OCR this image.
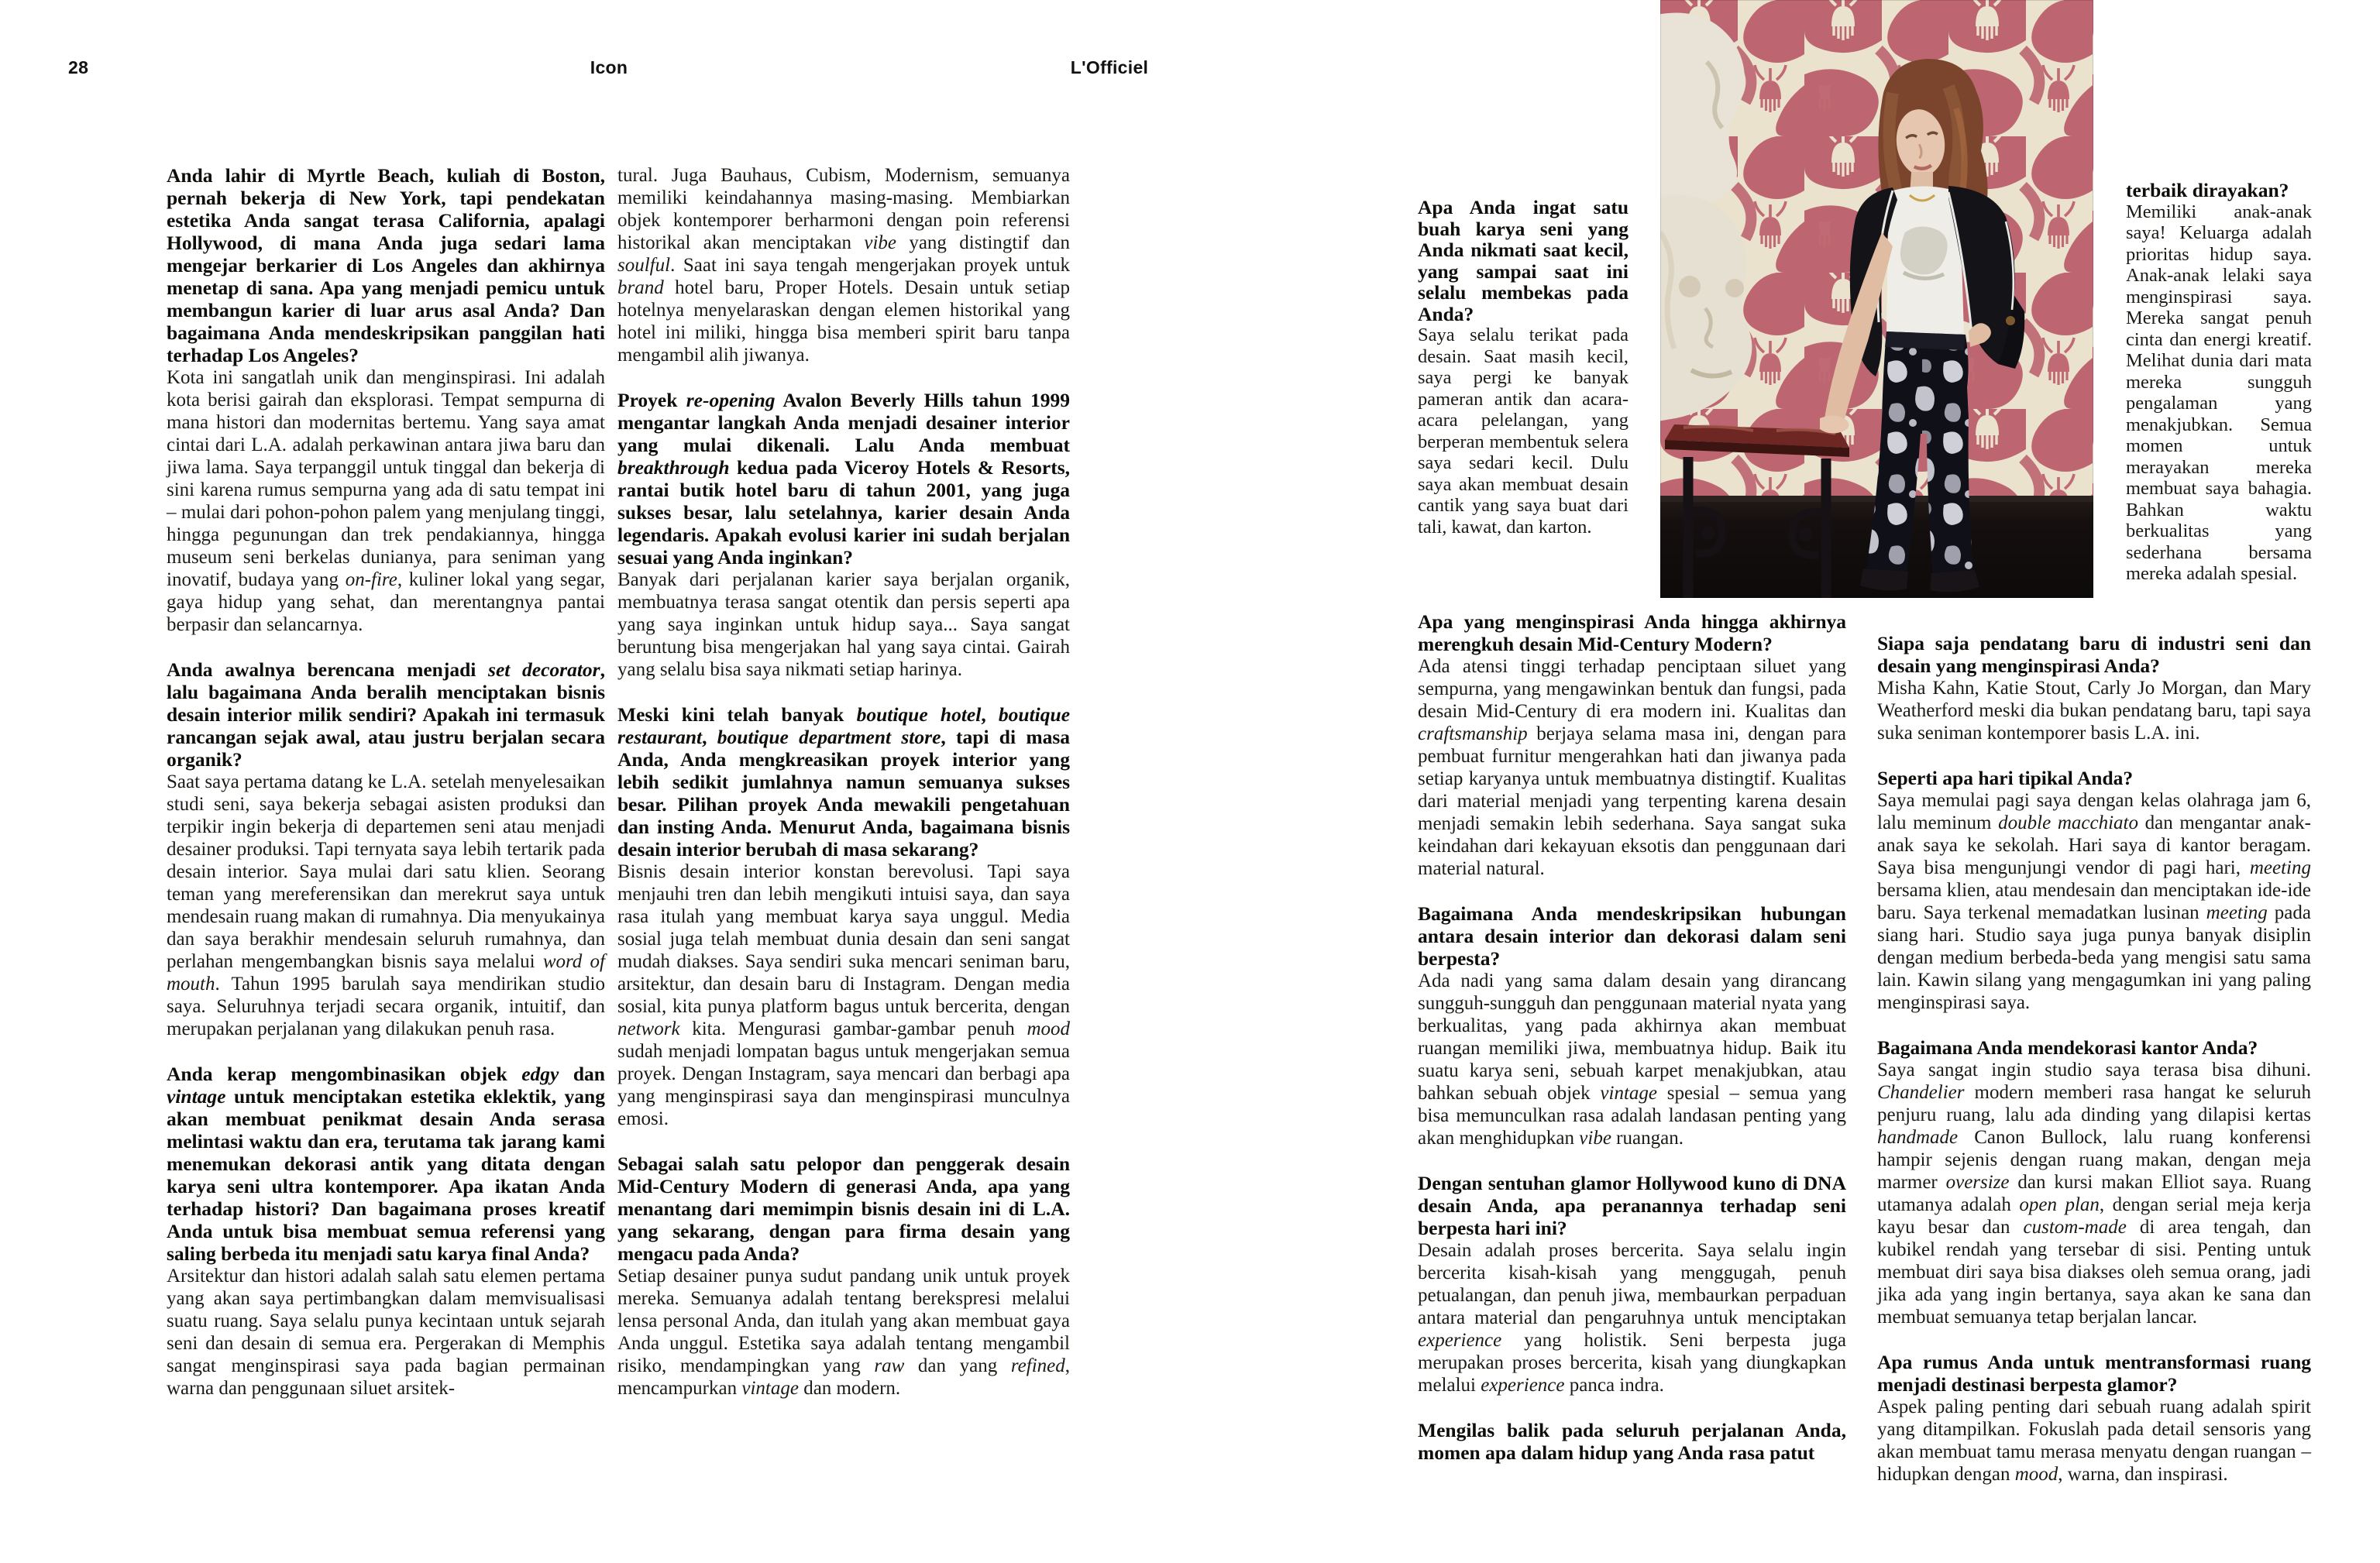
28	Icon	L'Officiel

Anda lahir di Myrtle Beach, kuliah di Boston, pernah bekerja di New York, tapi pendekatan estetika Anda sangat terasa California, apalagi Hollywood, di mana Anda juga sedari lama mengejar berkarier di Los Angeles dan akhirnya menetap di sana. Apa yang menjadi pemicu untuk membangun karier di luar arus asal Anda? Dan bagaimana Anda mendeskripsikan panggilan hati terhadap Los Angeles?

Kota ini sangatlah unik dan menginspirasi. Ini adalah kota berisi gairah dan eksplorasi. Tempat sempurna di mana histori dan modernitas bertemu. Yang saya amat cintai dari L.A. adalah perkawinan antara jiwa baru dan jiwa lama. Saya terpanggil untuk tinggal dan bekerja di sini karena rumus sempurna yang ada di satu tempat ini – mulai dari pohon-pohon palem yang menjulang tinggi, hingga pegunungan dan trek pendakiannya, hingga museum seni berkelas dunianya, para seniman yang inovatif, budaya yang on-fire, kuliner lokal yang segar, gaya hidup yang sehat, dan merentangnya pantai berpasir dan selancarnya.

Anda awalnya berencana menjadi set decorator, lalu bagaimana Anda beralih menciptakan bisnis desain interior milik sendiri? Apakah ini termasuk rancangan sejak awal, atau justru berjalan secara organik?

Saat saya pertama datang ke L.A. setelah menyelesaikan studi seni, saya bekerja sebagai asisten produksi dan terpikir ingin bekerja di departemen seni atau menjadi desainer produksi. Tapi ternyata saya lebih tertarik pada desain interior. Saya mulai dari satu klien. Seorang teman yang mereferensikan dan merekrut saya untuk mendesain ruang makan di rumahnya. Dia menyukainya dan saya berakhir mendesain seluruh rumahnya, dan perlahan mengembangkan bisnis saya melalui word of mouth. Tahun 1995 barulah saya mendirikan studio saya. Seluruhnya terjadi secara organik, intuitif, dan merupakan perjalanan yang dilakukan penuh rasa.

Anda kerap mengombinasikan objek edgy dan vintage untuk menciptakan estetika eklektik, yang akan membuat penikmat desain Anda serasa melintasi waktu dan era, terutama tak jarang kami menemukan dekorasi antik yang ditata dengan karya seni ultra kontemporer. Apa ikatan Anda terhadap histori? Dan bagaimana proses kreatif Anda untuk bisa membuat semua referensi yang saling berbeda itu menjadi satu karya final Anda?

Arsitektur dan histori adalah salah satu elemen pertama yang akan saya pertimbangkan dalam memvisualisasi suatu ruang. Saya selalu punya kecintaan untuk sejarah seni dan desain di semua era. Pergerakan di Memphis sangat menginspirasi saya pada bagian permainan warna dan penggunaan siluet arsitek-

tural. Juga Bauhaus, Cubism, Modernism, semuanya memiliki keindahannya masing-masing. Membiarkan objek kontemporer berharmoni dengan poin referensi historikal akan menciptakan vibe yang distingtif dan soulful. Saat ini saya tengah mengerjakan proyek untuk brand hotel baru, Proper Hotels. Desain untuk setiap hotelnya menyelaraskan dengan elemen historikal yang hotel ini miliki, hingga bisa memberi spirit baru tanpa mengambil alih jiwanya.

Proyek re-opening Avalon Beverly Hills tahun 1999 mengantar langkah Anda menjadi desainer interior yang mulai dikenali. Lalu Anda membuat breakthrough kedua pada Viceroy Hotels & Resorts, rantai butik hotel baru di tahun 2001, yang juga sukses besar, lalu setelahnya, karier desain Anda legendaris. Apakah evolusi karier ini sudah berjalan sesuai yang Anda inginkan?

Banyak dari perjalanan karier saya berjalan organik, membuatnya terasa sangat otentik dan persis seperti apa yang saya inginkan untuk hidup saya... Saya sangat beruntung bisa mengerjakan hal yang saya cintai. Gairah yang selalu bisa saya nikmati setiap harinya.

Meski kini telah banyak boutique hotel, boutique restaurant, boutique department store, tapi di masa Anda, Anda mengkreasikan proyek interior yang lebih sedikit jumlahnya namun semuanya sukses besar. Pilihan proyek Anda mewakili pengetahuan dan insting Anda. Menurut Anda, bagaimana bisnis desain interior berubah di masa sekarang?

Bisnis desain interior konstan berevolusi. Tapi saya menjauhi tren dan lebih mengikuti intuisi saya, dan saya rasa itulah yang membuat karya saya unggul. Media sosial juga telah membuat dunia desain dan seni sangat mudah diakses. Saya sendiri suka mencari seniman baru, arsitektur, dan desain baru di Instagram. Dengan media sosial, kita punya platform bagus untuk bercerita, dengan network kita. Mengurasi gambar-gambar penuh mood sudah menjadi lompatan bagus untuk mengerjakan semua proyek. Dengan Instagram, saya mencari dan berbagi apa yang menginspirasi saya dan menginspirasi munculnya emosi.

Sebagai salah satu pelopor dan penggerak desain Mid-Century Modern di generasi Anda, apa yang menantang dari memimpin bisnis desain ini di L.A. yang sekarang, dengan para firma desain yang mengacu pada Anda?

Setiap desainer punya sudut pandang unik untuk proyek mereka. Semuanya adalah tentang berekspresi melalui lensa personal Anda, dan itulah yang akan membuat gaya Anda unggul. Estetika saya adalah tentang mengambil risiko, mendampingkan yang raw dan yang refined, mencampurkan vintage dan modern.

Apa Anda ingat satu buah karya seni yang Anda nikmati saat kecil, yang sampai saat ini selalu membekas pada Anda?

Saya selalu terikat pada desain. Saat masih kecil, saya pergi ke banyak pameran antik dan acara-acara pelelangan, yang berperan membentuk selera saya sedari kecil. Dulu saya akan membuat desain cantik yang saya buat dari tali, kawat, dan karton.

Apa yang menginspirasi Anda hingga akhirnya merengkuh desain Mid-Century Modern?

Ada atensi tinggi terhadap penciptaan siluet yang sempurna, yang mengawinkan bentuk dan fungsi, pada desain Mid-Century di era modern ini. Kualitas dan craftsmanship berjaya selama masa ini, dengan para pembuat furnitur mengerahkan hati dan jiwanya pada setiap karyanya untuk membuatnya distingtif. Kualitas dari material menjadi yang terpenting karena desain menjadi semakin lebih sederhana. Saya sangat suka keindahan dari kekayuan eksotis dan penggunaan dari material natural.

Bagaimana Anda mendeskripsikan hubungan antara desain interior dan dekorasi dalam seni berpesta?

Ada nadi yang sama dalam desain yang dirancang sungguh-sungguh dan penggunaan material nyata yang berkualitas, yang pada akhirnya akan membuat ruangan memiliki jiwa, membuatnya hidup. Baik itu suatu karya seni, sebuah karpet menakjubkan, atau bahkan sebuah objek vintage spesial – semua yang bisa memunculkan rasa adalah landasan penting yang akan menghidupkan vibe ruangan.

Dengan sentuhan glamor Hollywood kuno di DNA desain Anda, apa peranannya terhadap seni berpesta hari ini?

Desain adalah proses bercerita. Saya selalu ingin bercerita kisah-kisah yang menggugah, penuh petualangan, dan penuh jiwa, membaurkan perpaduan antara material dan pengaruhnya untuk menciptakan experience yang holistik. Seni berpesta juga merupakan proses bercerita, kisah yang diungkapkan melalui experience panca indra.

Mengilas balik pada seluruh perjalanan Anda, momen apa dalam hidup yang Anda rasa patut

terbaik dirayakan?

Memiliki anak-anak saya! Keluarga adalah prioritas hidup saya. Anak-anak lelaki saya menginspirasi saya. Mereka sangat penuh cinta dan energi kreatif. Melihat dunia dari mata mereka sungguh pengalaman yang menakjubkan. Semua momen untuk merayakan mereka membuat saya bahagia. Bahkan waktu berkualitas yang sederhana bersama mereka adalah spesial.

Siapa saja pendatang baru di industri seni dan desain yang menginspirasi Anda?

Misha Kahn, Katie Stout, Carly Jo Morgan, dan Mary Weatherford meski dia bukan pendatang baru, tapi saya suka seniman kontemporer basis L.A. ini.

Seperti apa hari tipikal Anda?

Saya memulai pagi saya dengan kelas olahraga jam 6, lalu meminum double macchiato dan mengantar anak-anak saya ke sekolah. Hari saya di kantor beragam. Saya bisa mengunjungi vendor di pagi hari, meeting bersama klien, atau mendesain dan menciptakan ide-ide baru. Saya terkenal memadatkan lusinan meeting pada siang hari. Studio saya juga punya banyak disiplin dengan medium berbeda-beda yang mengisi satu sama lain. Kawin silang yang mengagumkan ini yang paling menginspirasi saya.

Bagaimana Anda mendekorasi kantor Anda?

Saya sangat ingin studio saya terasa bisa dihuni. Chandelier modern memberi rasa hangat ke seluruh penjuru ruang, lalu ada dinding yang dilapisi kertas handmade Canon Bullock, lalu ruang konferensi hampir sejenis dengan ruang makan, dengan meja marmer oversize dan kursi makan Elliot saya. Ruang utamanya adalah open plan, dengan serial meja kerja kayu besar dan custom-made di area tengah, dan kubikel rendah yang tersebar di sisi. Penting untuk membuat diri saya bisa diakses oleh semua orang, jadi jika ada yang ingin bertanya, saya akan ke sana dan membuat semuanya tetap berjalan lancar.

Apa rumus Anda untuk mentransformasi ruang menjadi destinasi berpesta glamor?

Aspek paling penting dari sebuah ruang adalah spirit yang ditampilkan. Fokuslah pada detail sensoris yang akan membuat tamu merasa menyatu dengan ruangan – hidupkan dengan mood, warna, dan inspirasi.
